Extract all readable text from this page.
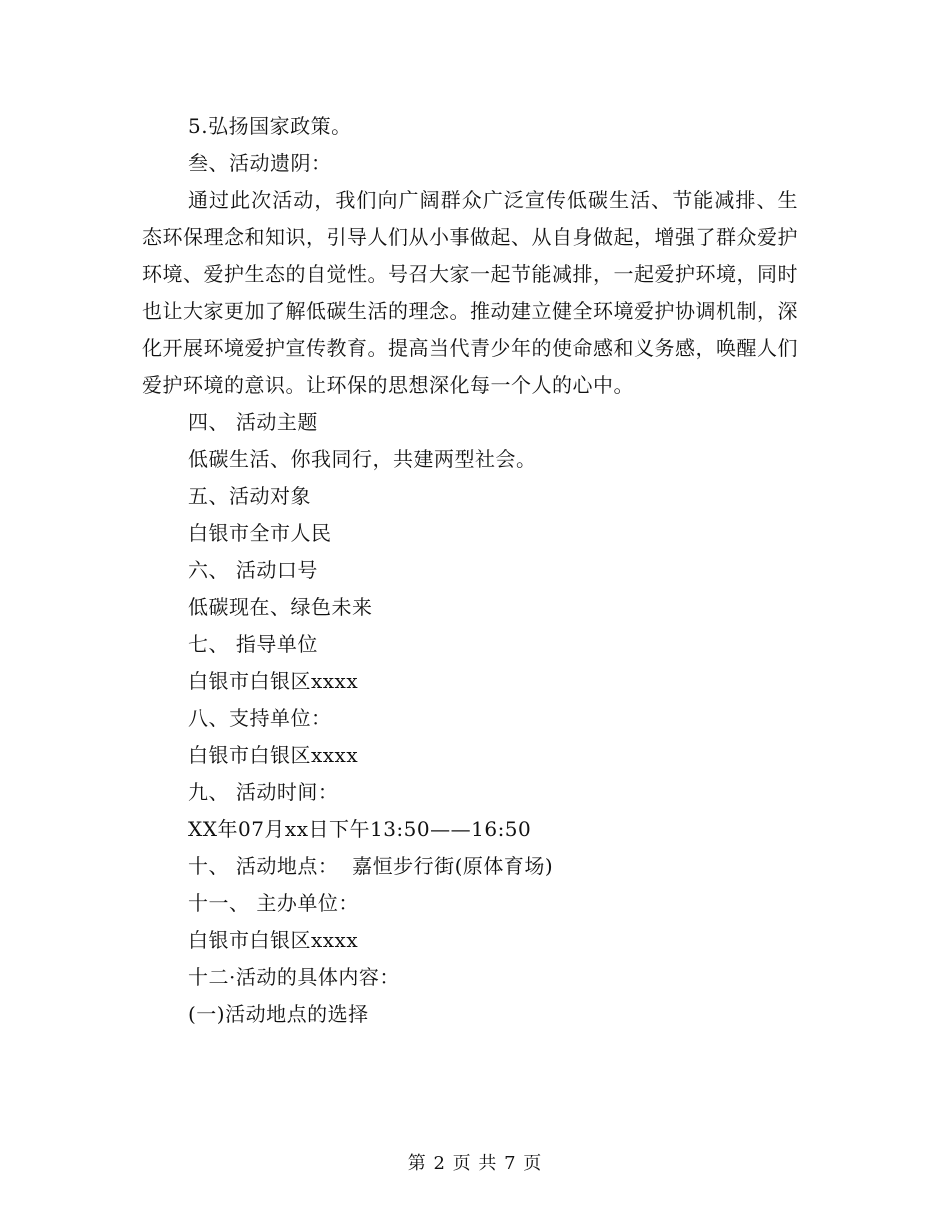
5.弘扬国家政策。
叁、活动遗阴：
通过此次活动，我们向广阔群众广泛宣传低碳生活、节能减排、生态环保理念和知识，引导人们从小事做起、从自身做起，增强了群众爱护环境、爱护生态的自觉性。号召大家一起节能减排，一起爱护环境，同时也让大家更加了解低碳生活的理念。推动建立健全环境爱护协调机制，深化开展环境爱护宣传教育。提高当代青少年的使命感和义务感，唤醒人们爱护环境的意识。让环保的思想深化每一个人的心中。
四、 活动主题
低碳生活、你我同行，共建两型社会。
五、活动对象
白银市全市人民
六、 活动口号
低碳现在、绿色未来
七、 指导单位
白银市白银区xxxx
八、支持单位：
白银市白银区xxxx
九、 活动时间：
XX年07月xx日下午13:50——16:50
十、 活动地点：  嘉恒步行街(原体育场)
十一、 主办单位：
白银市白银区xxxx
十二·活动的具体内容：
(一)活动地点的选择
第 2 页 共 7 页
